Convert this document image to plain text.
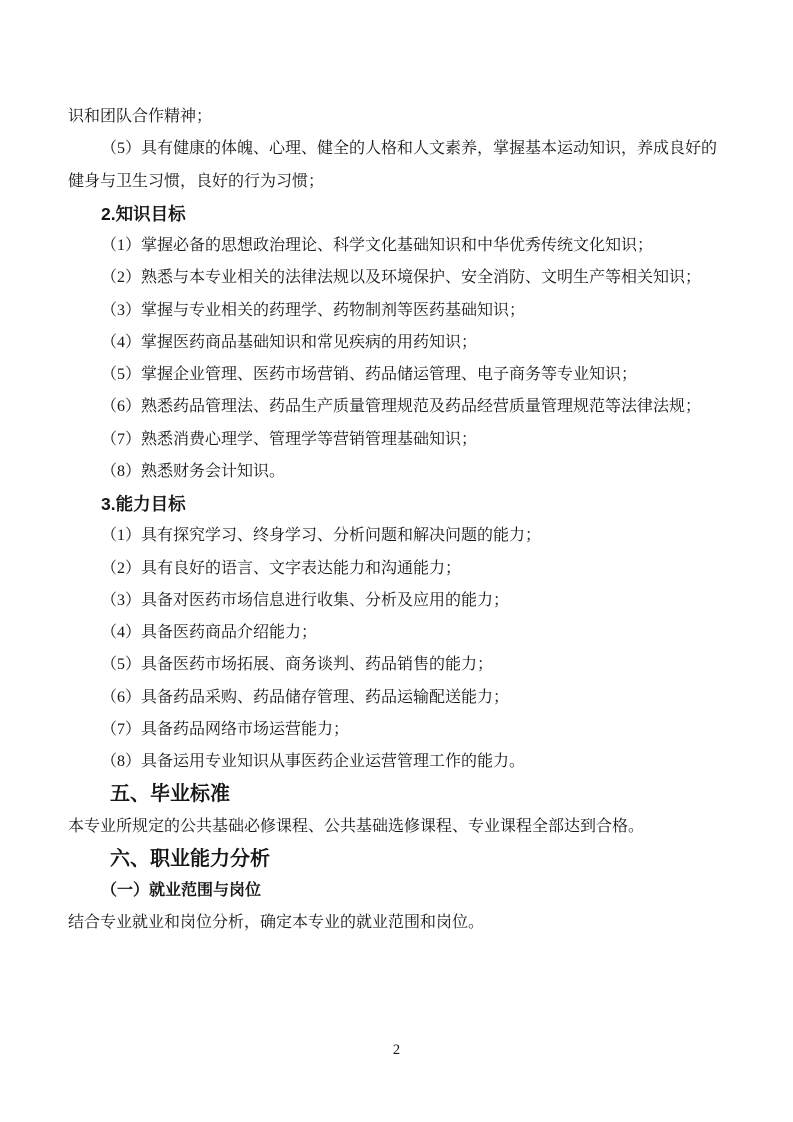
识和团队合作精神；

（5）具有健康的体魄、心理、健全的人格和人文素养，掌握基本运动知识，养成良好的健身与卫生习惯，良好的行为习惯；

2.知识目标

（1）掌握必备的思想政治理论、科学文化基础知识和中华优秀传统文化知识；

（2）熟悉与本专业相关的法律法规以及环境保护、安全消防、文明生产等相关知识；

（3）掌握与专业相关的药理学、药物制剂等医药基础知识；

（4）掌握医药商品基础知识和常见疾病的用药知识；

（5）掌握企业管理、医药市场营销、药品储运管理、电子商务等专业知识；

（6）熟悉药品管理法、药品生产质量管理规范及药品经营质量管理规范等法律法规；

（7）熟悉消费心理学、管理学等营销管理基础知识；

（8）熟悉财务会计知识。

3.能力目标

（1）具有探究学习、终身学习、分析问题和解决问题的能力；

（2）具有良好的语言、文字表达能力和沟通能力；

（3）具备对医药市场信息进行收集、分析及应用的能力；

（4）具备医药商品介绍能力；

（5）具备医药市场拓展、商务谈判、药品销售的能力；

（6）具备药品采购、药品储存管理、药品运输配送能力；

（7）具备药品网络市场运营能力；

（8）具备运用专业知识从事医药企业运营管理工作的能力。

五、毕业标准

本专业所规定的公共基础必修课程、公共基础选修课程、专业课程全部达到合格。

六、职业能力分析
（一）就业范围与岗位

结合专业就业和岗位分析，确定本专业的就业范围和岗位。

2
